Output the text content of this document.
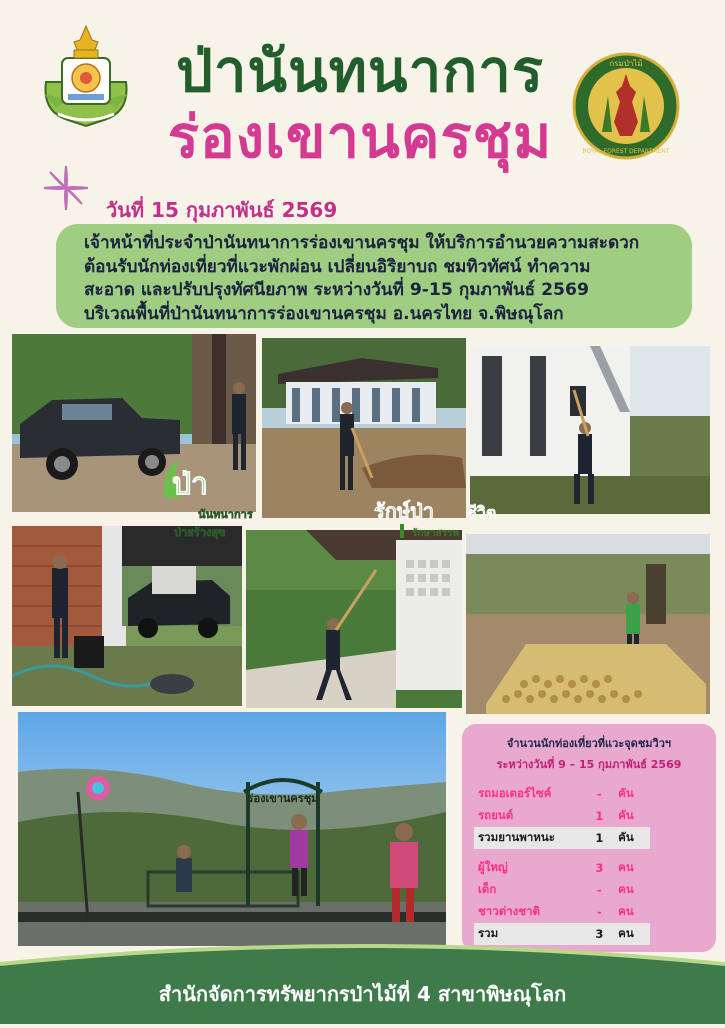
ป่านันทนาการ
ร่องเขานครชุม
กรมป่าไม้
ROYAL FOREST DEPARTMENT
วันที่ 15 กุมภาพันธ์ 2569

เจ้าหน้าที่ประจำป่านันทนาการร่องเขานครชุม ให้บริการอำนวยความสะดวก

ต้อนรับนักท่องเที่ยวที่แวะพักผ่อน เปลี่ยนอิริยาบถ ชมทิวทัศน์ ทำความ

สะอาด และปรับปรุงทัศนียภาพ ระหว่างวันที่ 9-15 กุมภาพันธ์ 2569

บริเวณพื้นที่ป่านันทนาการร่องเขานครชุม อ.นครไทย จ.พิษณุโลก

ร่องเขานครชุม
ป่า
นันทนาการ
ป่าสร้างสุข
รักษ์ป่า ชีวิต
รักษาสรรพ
จำนวนนักท่องเที่ยวที่แวะจุดชมวิวฯ
ระหว่างวันที่ 9 – 15 กุมภาพันธ์ 2569
รถมอเตอร์ไซค์	-	คัน
รถยนต์	1	คัน
รวมยานพาหนะ	1	คัน

ผู้ใหญ่	3	คน
เด็ก	-	คน
ชาวต่างชาติ	-	คน
รวม	3	คน
สำนักจัดการทรัพยากรป่าไม้ที่ 4 สาขาพิษณุโลก
